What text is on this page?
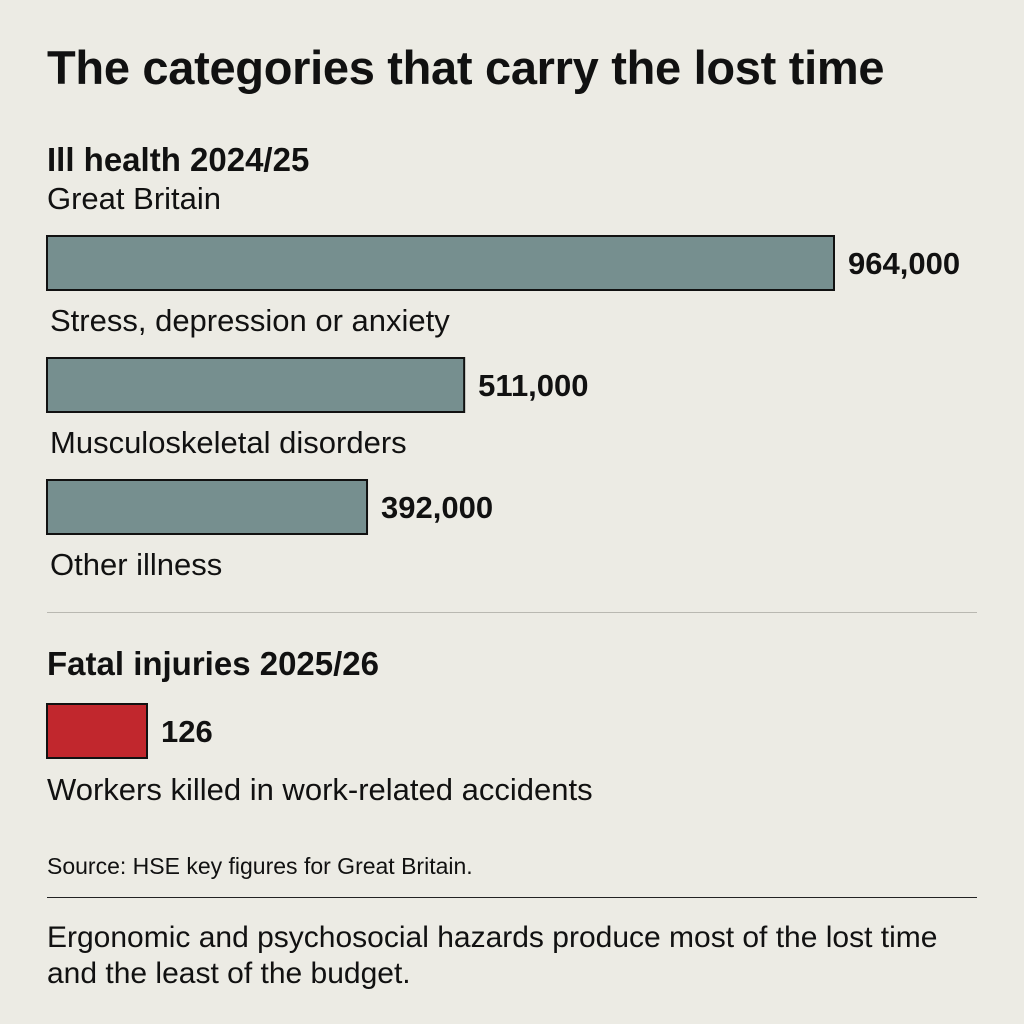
The categories that carry the lost time
Ill health 2024/25
Great Britain
Fatal injuries 2025/26
964,000
Stress, depression or anxiety
511,000
Musculoskeletal disorders
392,000
Other illness
126
Workers killed in work-related accidents
Source: HSE key figures for Great Britain.
Ergonomic and psychosocial hazards produce most of the lost time and the least of the budget.
